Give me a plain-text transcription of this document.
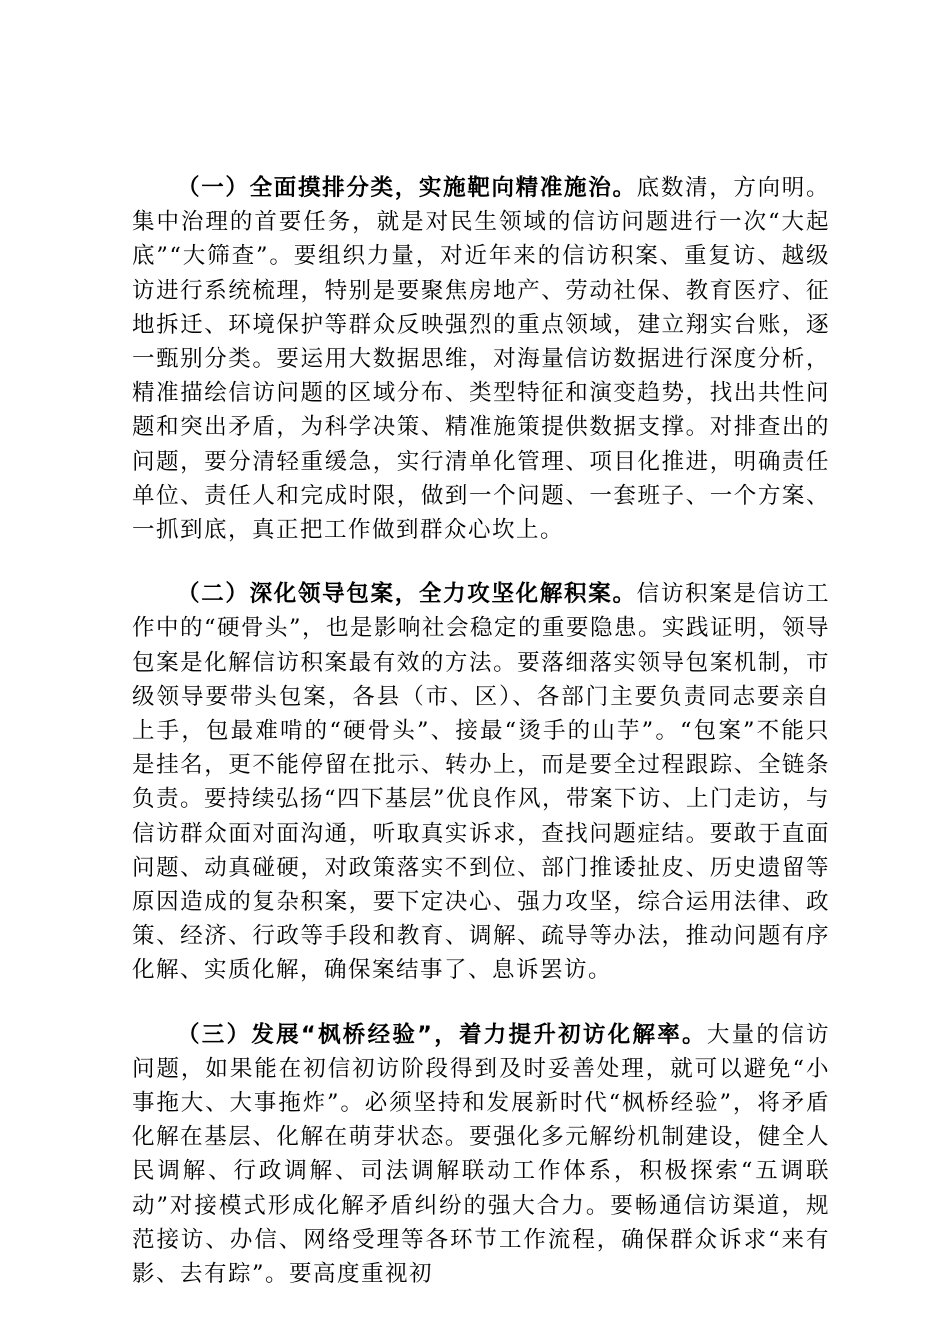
（一）全面摸排分类，实施靶向精准施治。底数清，方向明。集中治理的首要任务，就是对民生领域的信访问题进行一次“大起底”“大筛查”。要组织力量，对近年来的信访积案、重复访、越级访进行系统梳理，特别是要聚焦房地产、劳动社保、教育医疗、征地拆迁、环境保护等群众反映强烈的重点领域，建立翔实台账，逐一甄别分类。要运用大数据思维，对海量信访数据进行深度分析，精准描绘信访问题的区域分布、类型特征和演变趋势，找出共性问题和突出矛盾，为科学决策、精准施策提供数据支撑。对排查出的问题，要分清轻重缓急，实行清单化管理、项目化推进，明确责任单位、责任人和完成时限，做到一个问题、一套班子、一个方案、一抓到底，真正把工作做到群众心坎上。

（二）深化领导包案，全力攻坚化解积案。信访积案是信访工作中的“硬骨头”，也是影响社会稳定的重要隐患。实践证明，领导包案是化解信访积案最有效的方法。要落细落实领导包案机制，市级领导要带头包案，各县（市、区）、各部门主要负责同志要亲自上手，包最难啃的“硬骨头”、接最“烫手的山芋”。“包案”不能只是挂名，更不能停留在批示、转办上，而是要全过程跟踪、全链条负责。要持续弘扬“四下基层”优良作风，带案下访、上门走访，与信访群众面对面沟通，听取真实诉求，查找问题症结。要敢于直面问题、动真碰硬，对政策落实不到位、部门推诿扯皮、历史遗留等原因造成的复杂积案，要下定决心、强力攻坚，综合运用法律、政策、经济、行政等手段和教育、调解、疏导等办法，推动问题有序化解、实质化解，确保案结事了、息诉罢访。

（三）发展“枫桥经验”，着力提升初访化解率。大量的信访问题，如果能在初信初访阶段得到及时妥善处理，就可以避免“小事拖大、大事拖炸”。必须坚持和发展新时代“枫桥经验”，将矛盾化解在基层、化解在萌芽状态。要强化多元解纷机制建设，健全人民调解、行政调解、司法调解联动工作体系，积极探索“五调联动”对接模式形成化解矛盾纠纷的强大合力。要畅通信访渠道，规范接访、办信、网络受理等各环节工作流程，确保群众诉求“来有影、去有踪”。要高度重视初
